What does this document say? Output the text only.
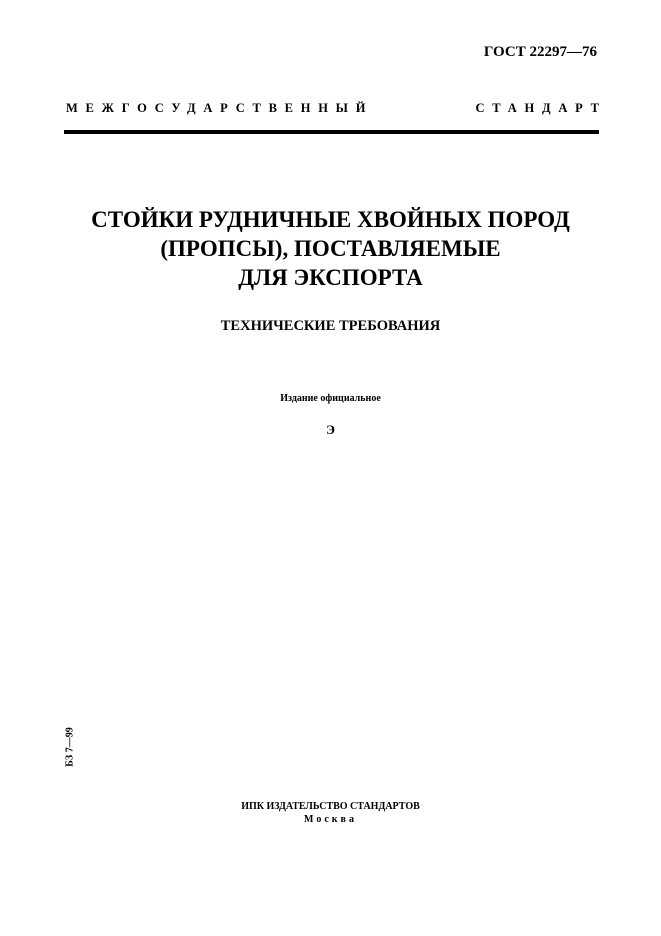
ГОСТ 22297—76
МЕЖГОСУДАРСТВЕННЫЙ	СТАНДАРТ
СТОЙКИ РУДНИЧНЫЕ ХВОЙНЫХ ПОРОД
(ПРОПСЫ), ПОСТАВЛЯЕМЫЕ
ДЛЯ ЭКСПОРТА
ТЕХНИЧЕСКИЕ ТРЕБОВАНИЯ
Издание официальное
Э
БЗ 7—99
ИПК ИЗДАТЕЛЬСТВО СТАНДАРТОВ
Москва
